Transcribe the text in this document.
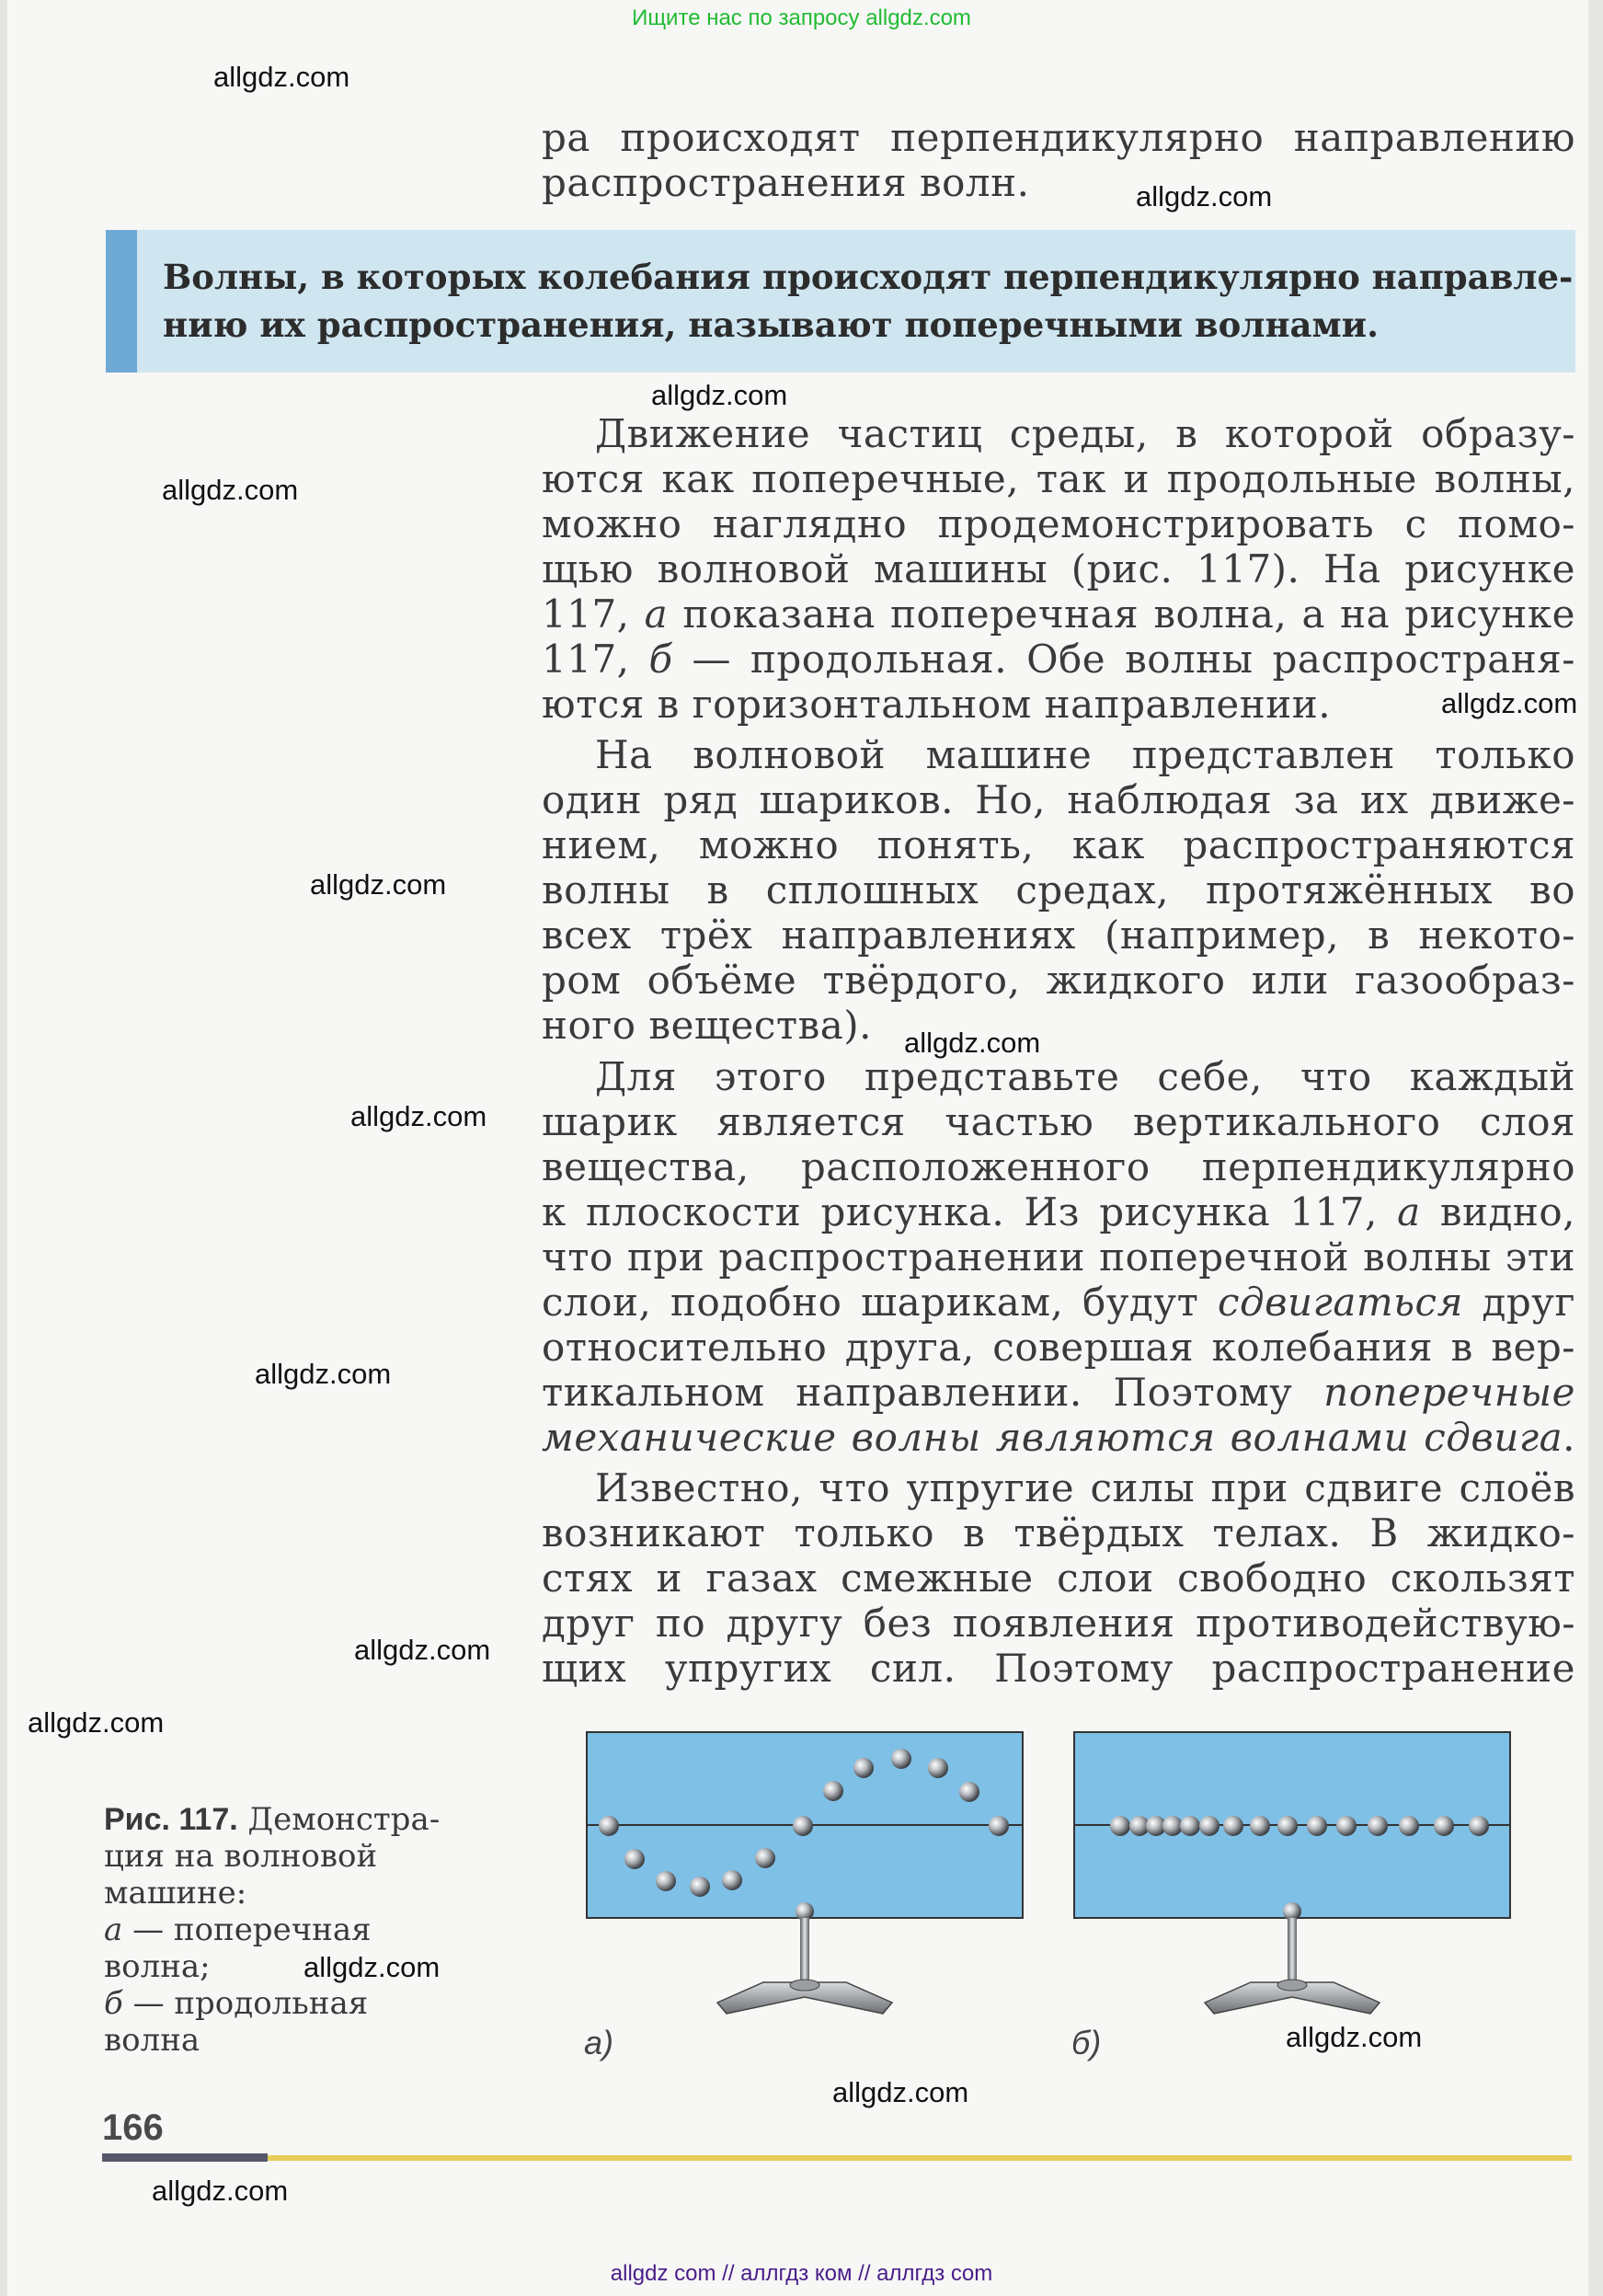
Ищите нас по запросу allgdz.com
allgdz.com
allgdz.com
allgdz.com
allgdz.com
allgdz.com
allgdz.com
allgdz.com
allgdz.com
allgdz.com
allgdz.com
allgdz.com
allgdz.com
allgdz.com
allgdz.com
allgdz.com
ра происходят перпендикулярно направлению
распространения волн.
Волны, в которых колебания происходят перпендикулярно направле-
нию их распространения, называют поперечными волнами.
Движение частиц среды, в которой образу-
ются как поперечные, так и продольные волны,
можно наглядно продемонстрировать с помо-
щью волновой машины (рис. 117). На рисунке
117, а показана поперечная волна, а на рисунке
117, б — продольная. Обе волны распространя-
ются в горизонтальном направлении.
На волновой машине представлен только
один ряд шариков. Но, наблюдая за их движе-
нием, можно понять, как распространяются
волны в сплошных средах, протяжённых во
всех трёх направлениях (например, в некото-
ром объёме твёрдого, жидкого или газообраз-
ного вещества).
Для этого представьте себе, что каждый
шарик является частью вертикального слоя
вещества, расположенного перпендикулярно
к плоскости рисунка. Из рисунка 117, а видно,
что при распространении поперечной волны эти
слои, подобно шарикам, будут сдвигаться друг
относительно друга, совершая колебания в вер-
тикальном направлении. Поэтому поперечные
механические волны являются волнами сдвига.
Известно, что упругие силы при сдвиге слоёв
возникают только в твёрдых телах. В жидко-
стях и газах смежные слои свободно скользят
друг по другу без появления противодействую-
щих упругих сил. Поэтому распространение
Рис. 117. Демонстра-
ция на волновой
машине:
а — поперечная
волна;
б — продольная
волна	а)	б)
166
allgdz com // аллгдз ком // аллгдз com
